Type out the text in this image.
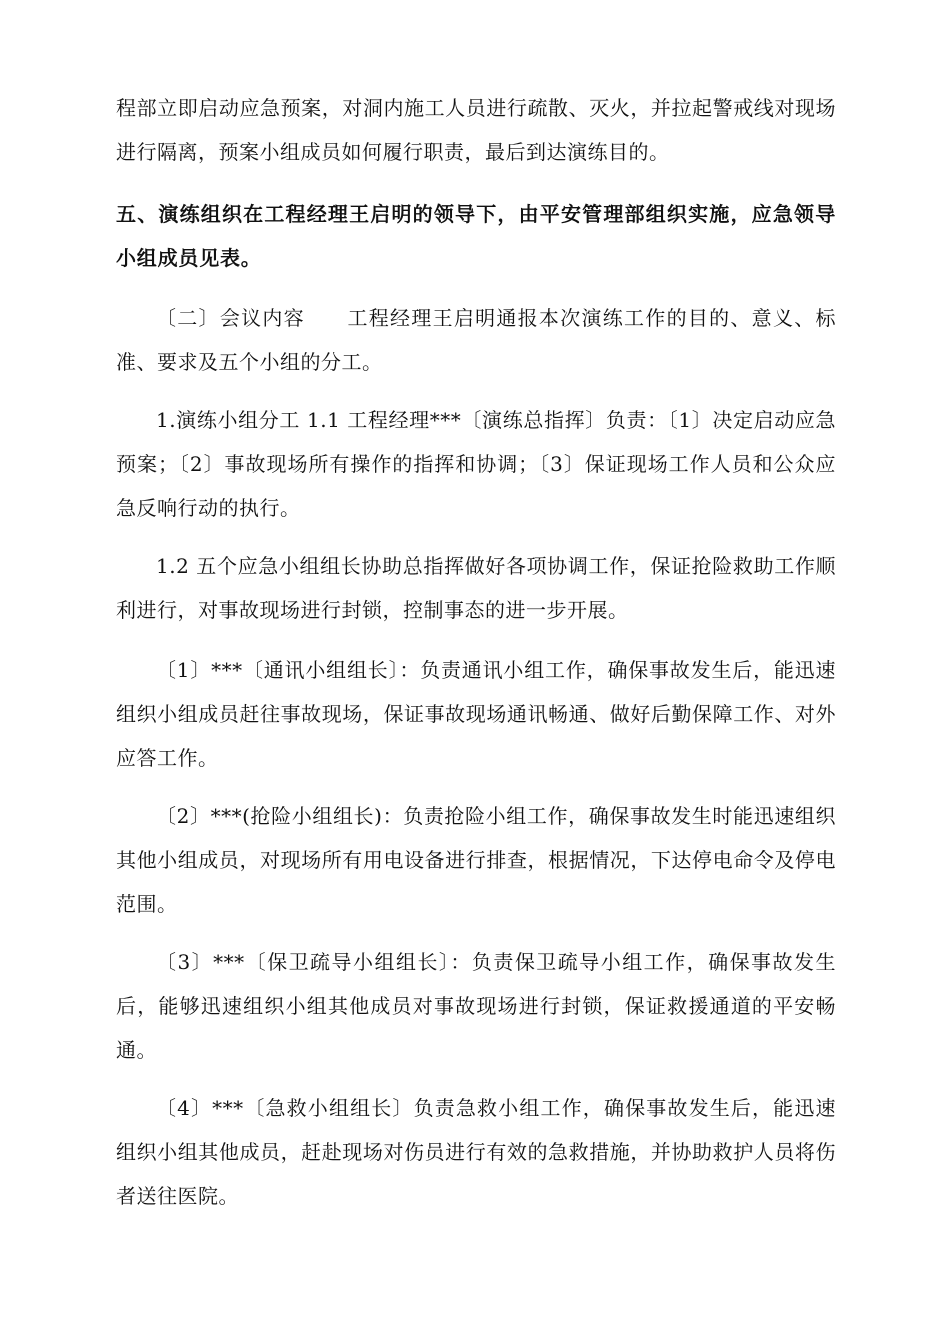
程部立即启动应急预案，对洞内施工人员进行疏散、灭火，并拉起警戒线对现场进行隔离，预案小组成员如何履行职责，最后到达演练目的。

五、演练组织在工程经理王启明的领导下，由平安管理部组织实施，应急领导小组成员见表。

〔二〕会议内容　　工程经理王启明通报本次演练工作的目的、意义、标准、要求及五个小组的分工。

1.演练小组分工 1.1 工程经理***〔演练总指挥〕负责：〔1〕决定启动应急预案；〔2〕事故现场所有操作的指挥和协调；〔3〕保证现场工作人员和公众应急反响行动的执行。

1.2 五个应急小组组长协助总指挥做好各项协调工作，保证抢险救助工作顺利进行，对事故现场进行封锁，控制事态的进一步开展。

〔1〕***〔通讯小组组长〕：负责通讯小组工作，确保事故发生后，能迅速组织小组成员赶往事故现场，保证事故现场通讯畅通、做好后勤保障工作、对外应答工作。

〔2〕***(抢险小组组长)：负责抢险小组工作，确保事故发生时能迅速组织其他小组成员，对现场所有用电设备进行排查，根据情况，下达停电命令及停电范围。

〔3〕***〔保卫疏导小组组长〕：负责保卫疏导小组工作，确保事故发生后，能够迅速组织小组其他成员对事故现场进行封锁，保证救援通道的平安畅通。

〔4〕***〔急救小组组长〕负责急救小组工作，确保事故发生后，能迅速组织小组其他成员，赶赴现场对伤员进行有效的急救措施，并协助救护人员将伤者送往医院。
